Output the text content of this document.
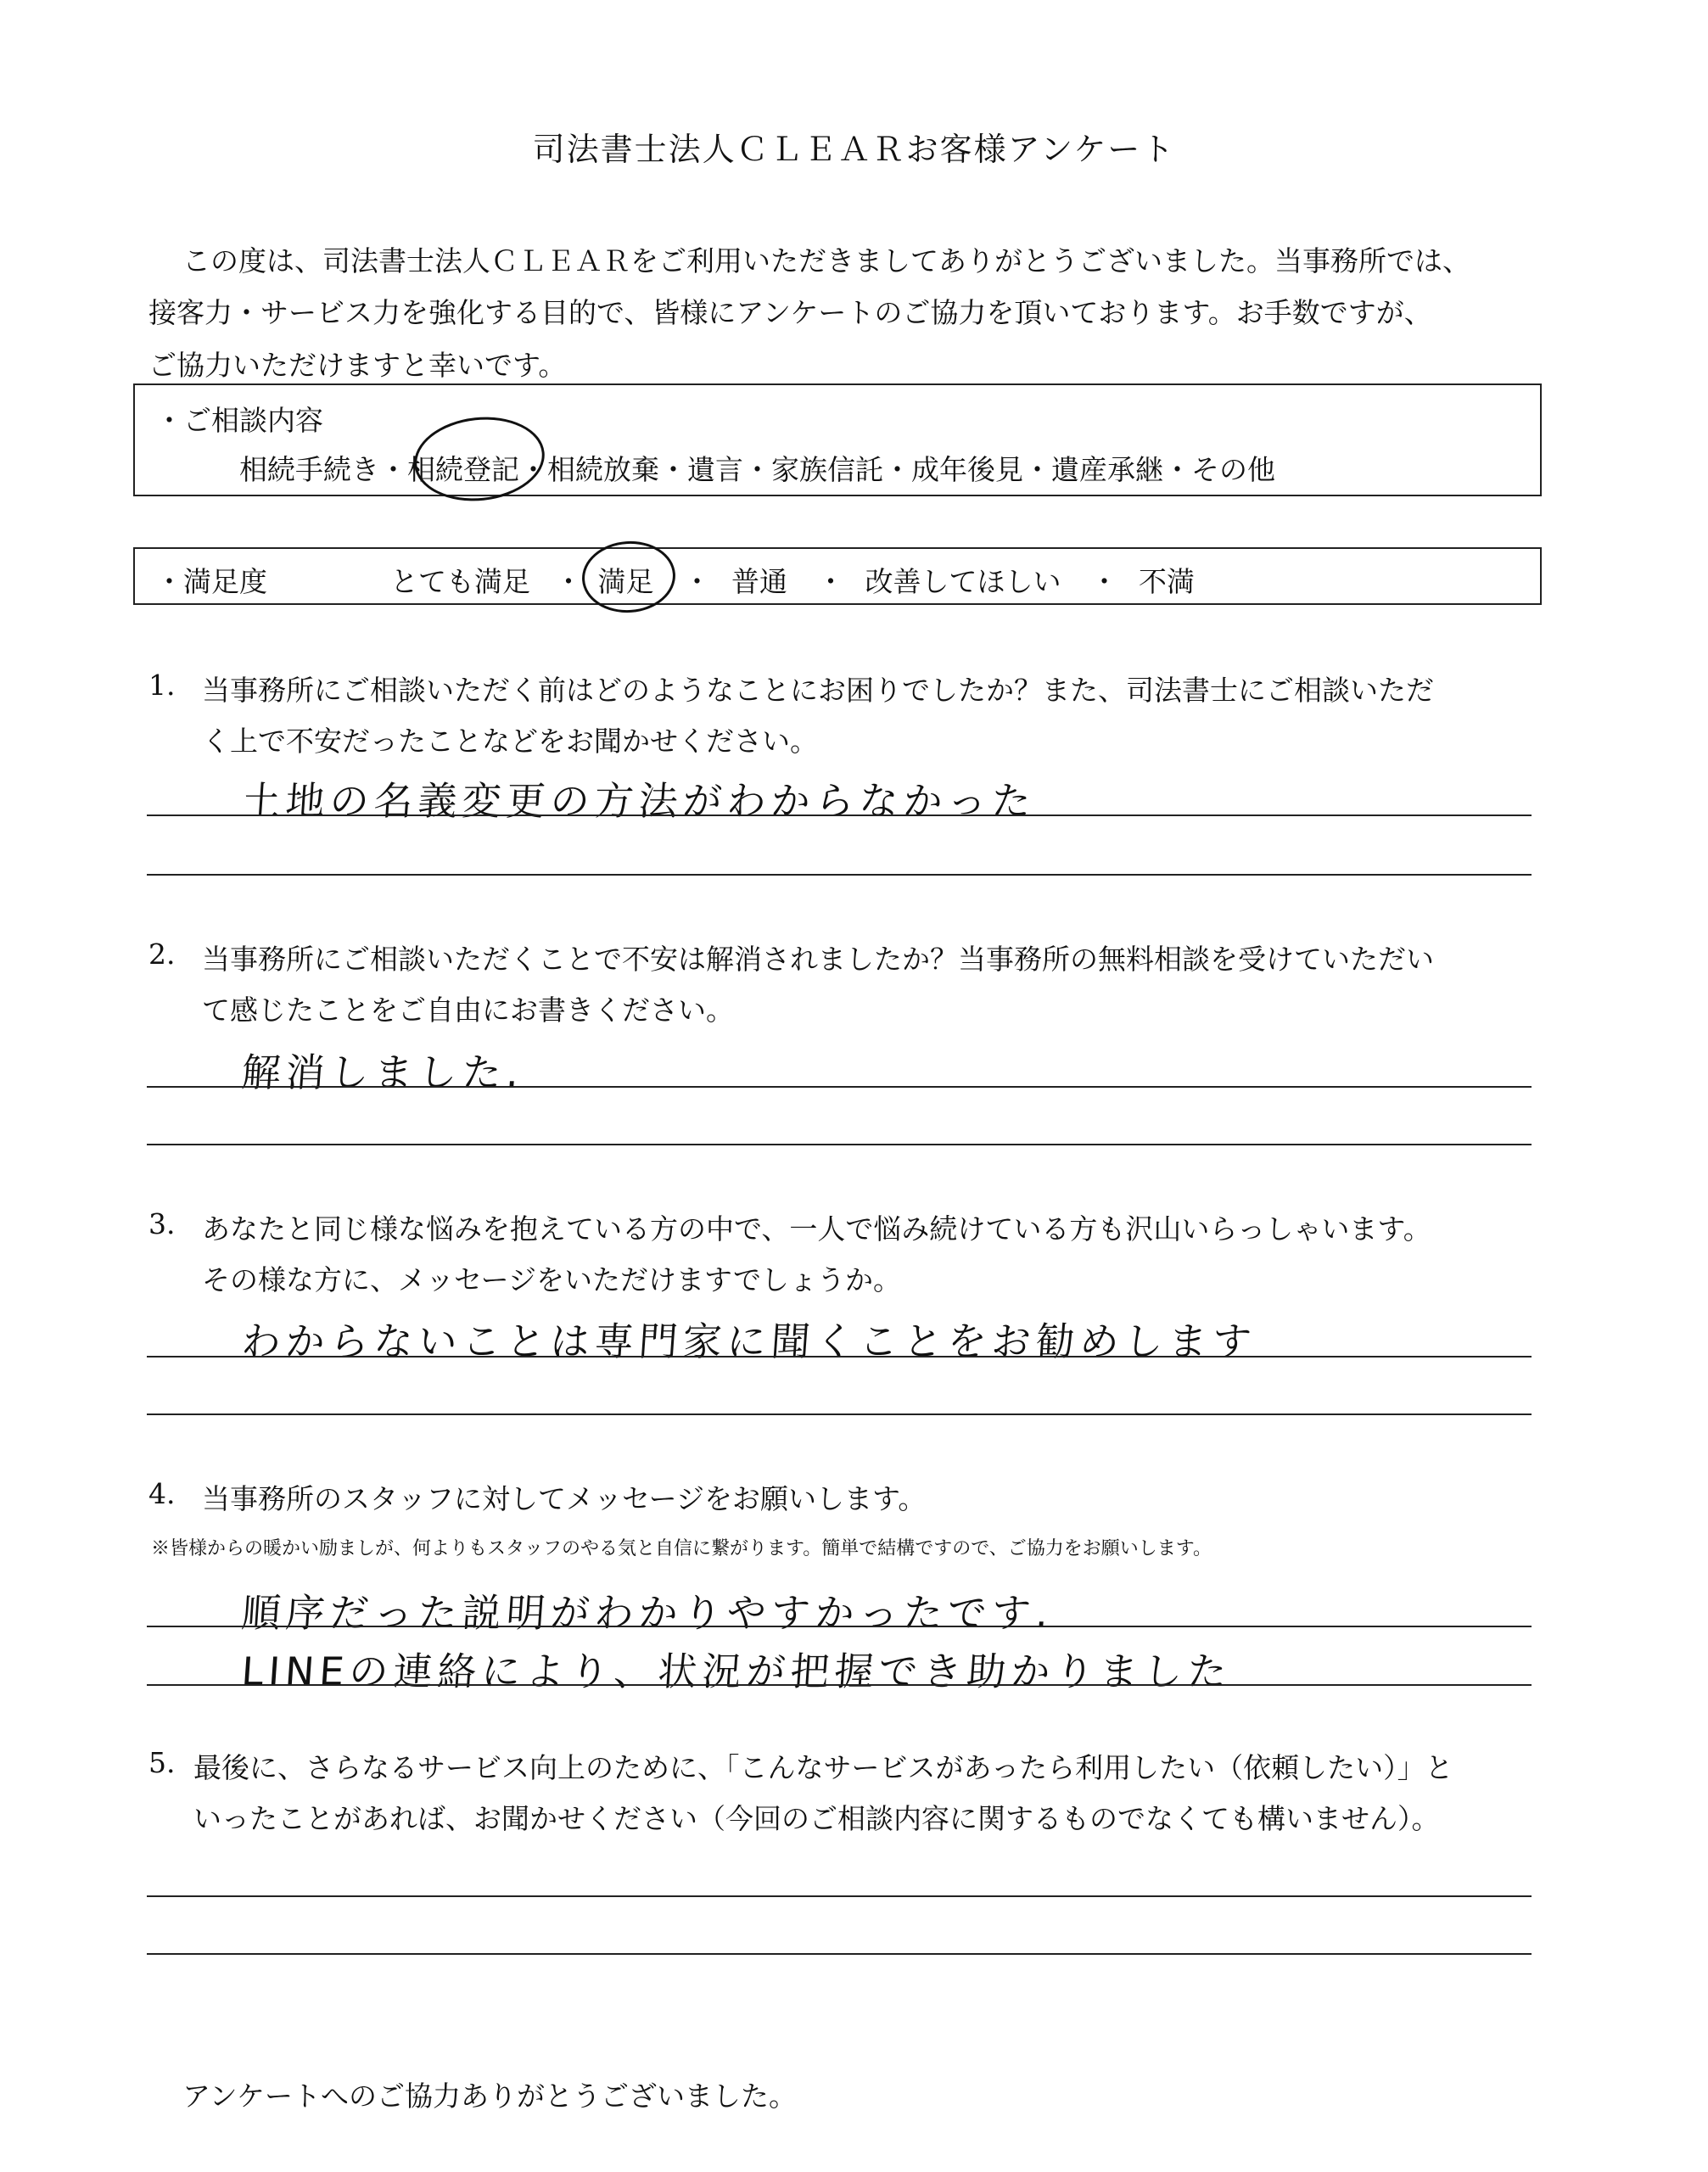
司法書士法人ＣＬＥＡＲお客様アンケート
この度は、司法書士法人ＣＬＥＡＲをご利用いただきましてありがとうございました。当事務所では、
接客力・サービス力を強化する目的で、皆様にアンケートのご協力を頂いております。お手数ですが、
ご協力いただけますと幸いです。
・ご相談内容
相続手続き・相続登記・相続放棄・遺言・家族信託・成年後見・遺産承継・その他
・満足度	とても満足 ・ 満足 ・ 普通 ・ 改善してほしい ・ 不満
1. 当事務所にご相談いただく前はどのようなことにお困りでしたか？また、司法書士にご相談いただ
く上で不安だったことなどをお聞かせください。
土地の名義変更の方法がわからなかった
2. 当事務所にご相談いただくことで不安は解消されましたか？当事務所の無料相談を受けていただい
て感じたことをご自由にお書きください。
解消しました.
3. あなたと同じ様な悩みを抱えている方の中で、一人で悩み続けている方も沢山いらっしゃいます。
その様な方に、メッセージをいただけますでしょうか。
わからないことは専門家に聞くことをお勧めします
4. 当事務所のスタッフに対してメッセージをお願いします。
※皆様からの暖かい励ましが、何よりもスタッフのやる気と自信に繋がります。簡単で結構ですので、ご協力をお願いします。
順序だった説明がわかりやすかったです.
LINEの連絡により、状況が把握でき助かりました
5. 最後に、さらなるサービス向上のために、「こんなサービスがあったら利用したい（依頼したい）」と
いったことがあれば、お聞かせください（今回のご相談内容に関するものでなくても構いません）。
アンケートへのご協力ありがとうございました。
